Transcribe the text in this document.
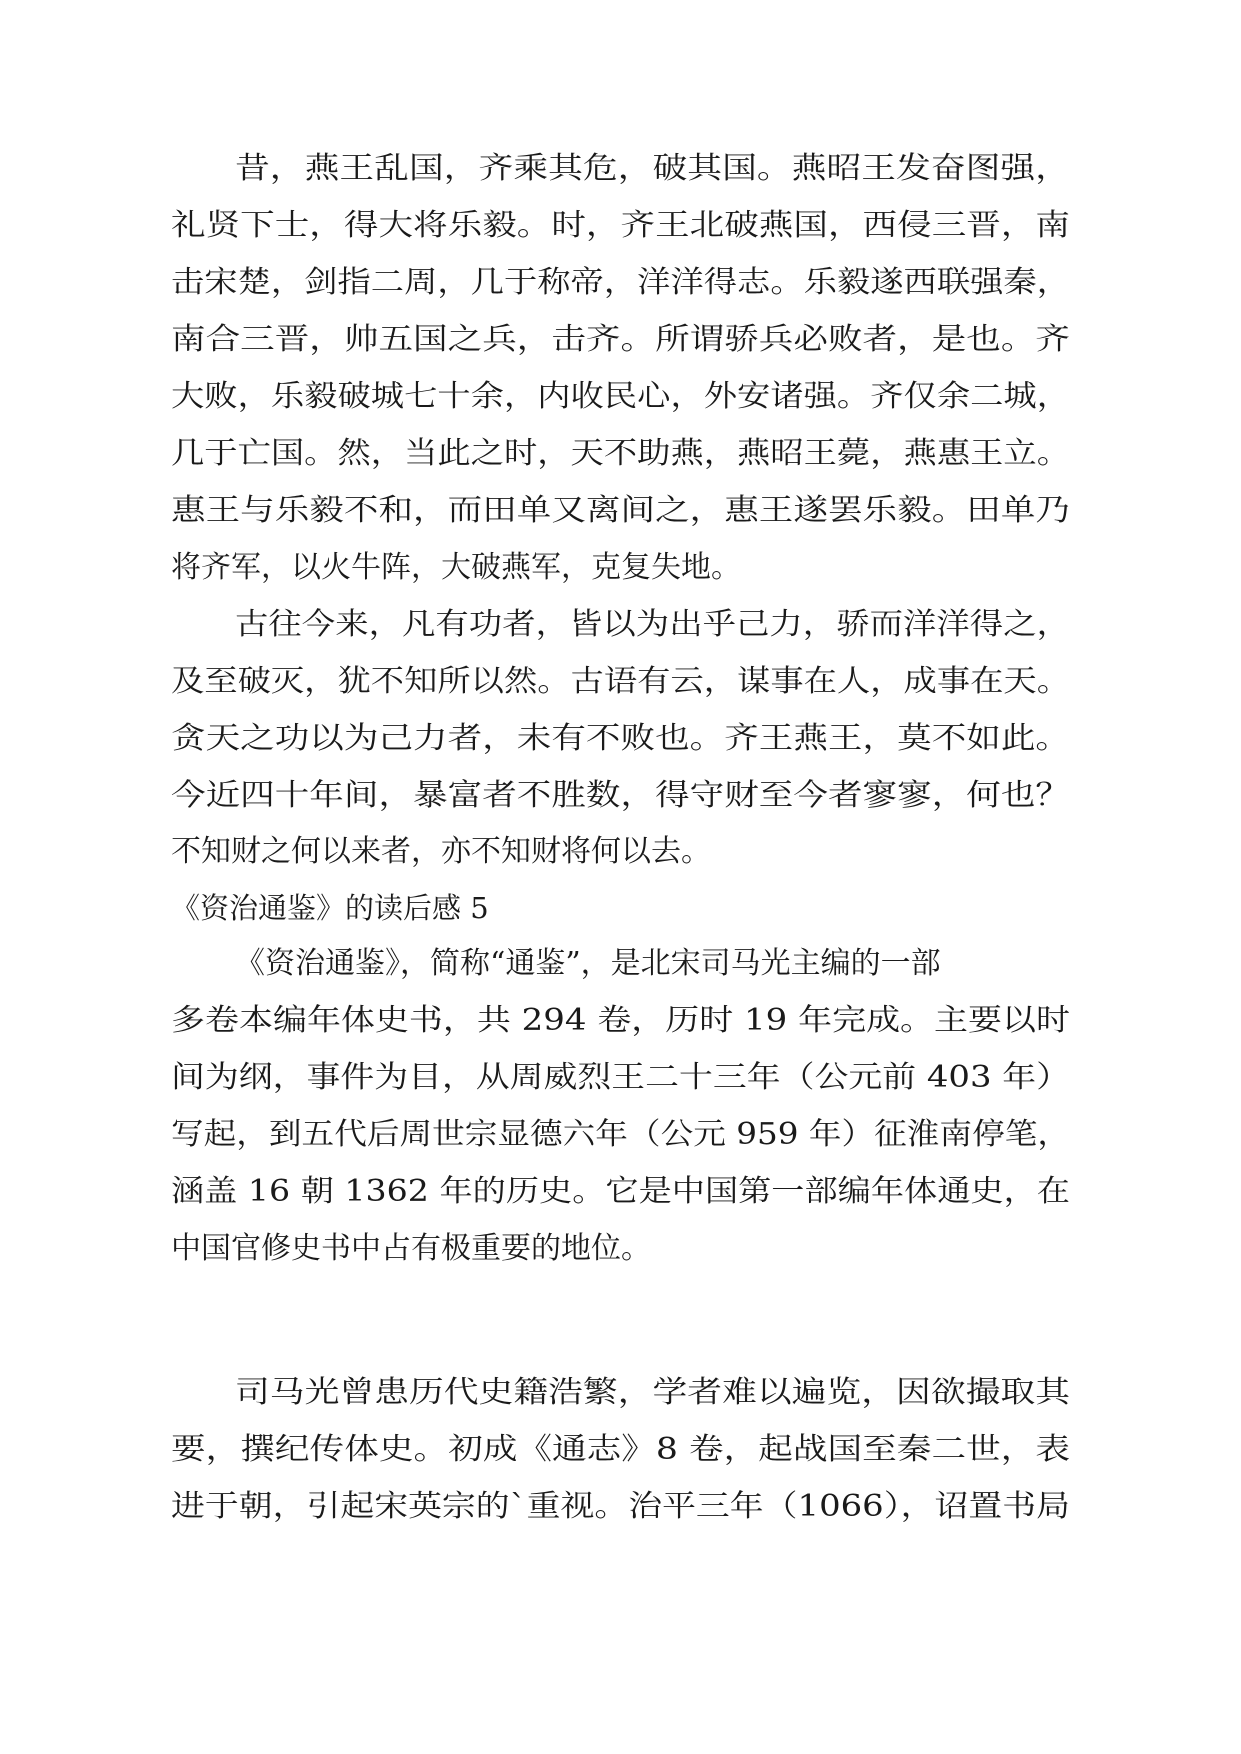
昔，燕王乱国，齐乘其危，破其国。燕昭王发奋图强，

礼贤下士，得大将乐毅。时，齐王北破燕国，西侵三晋，南

击宋楚，剑指二周，几于称帝，洋洋得志。乐毅遂西联强秦，

南合三晋，帅五国之兵，击齐。所谓骄兵必败者，是也。齐

大败，乐毅破城七十余，内收民心，外安诸强。齐仅余二城，

几于亡国。然，当此之时，天不助燕，燕昭王薨，燕惠王立。

惠王与乐毅不和，而田单又离间之，惠王遂罢乐毅。田单乃

将齐军，以火牛阵，大破燕军，克复失地。

古往今来，凡有功者，皆以为出乎己力，骄而洋洋得之，

及至破灭，犹不知所以然。古语有云，谋事在人，成事在天。

贪天之功以为己力者，未有不败也。齐王燕王，莫不如此。

今近四十年间，暴富者不胜数，得守财至今者寥寥，何也？

不知财之何以来者，亦不知财将何以去。

《资治通鉴》的读后感 5

《资治通鉴》，简称“通鉴”，是北宋司马光主编的一部

多卷本编年体史书，共 294 卷，历时 19 年完成。主要以时

间为纲，事件为目，从周威烈王二十三年（公元前 403 年）

写起，到五代后周世宗显德六年（公元 959 年）征淮南停笔，

涵盖 16 朝 1362 年的历史。它是中国第一部编年体通史，在

中国官修史书中占有极重要的地位。

司马光曾患历代史籍浩繁，学者难以遍览，因欲撮取其

要，撰纪传体史。初成《通志》8 卷，起战国至秦二世，表

进于朝，引起宋英宗的`重视。治平三年（1066），诏置书局
